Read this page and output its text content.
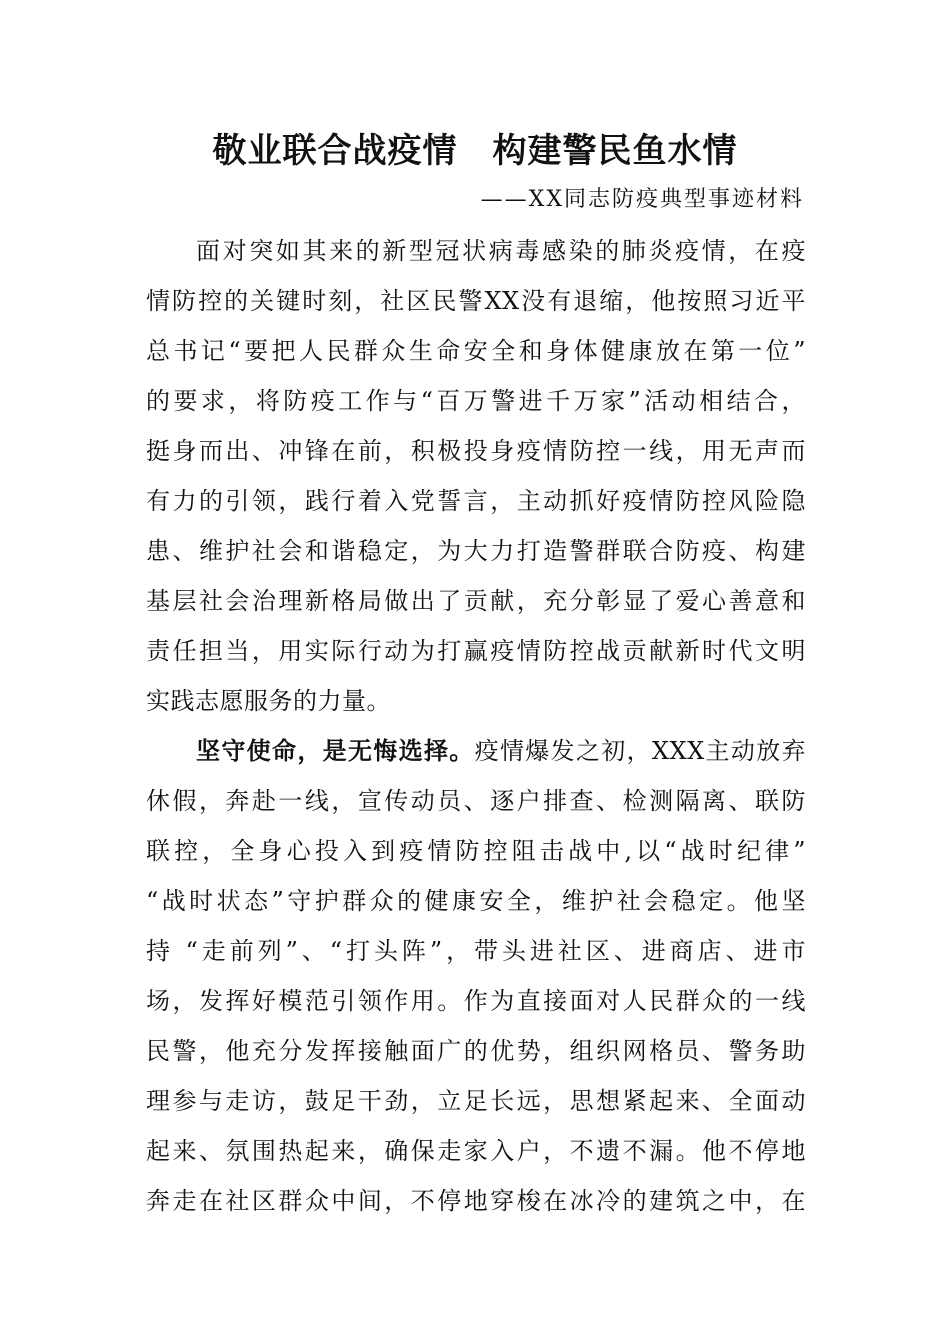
敬业联合战疫情　构建警民鱼水情
——XX同志防疫典型事迹材料
面对突如其来的新型冠状病毒感染的肺炎疫情，在疫
情防控的关键时刻，社区民警XX没有退缩，他按照习近平
总书记“要把人民群众生命安全和身体健康放在第一位”
的要求，将防疫工作与“百万警进千万家”活动相结合，
挺身而出、冲锋在前，积极投身疫情防控一线，用无声而
有力的引领，践行着入党誓言，主动抓好疫情防控风险隐
患、维护社会和谐稳定，为大力打造警群联合防疫、构建
基层社会治理新格局做出了贡献，充分彰显了爱心善意和
责任担当，用实际行动为打赢疫情防控战贡献新时代文明
实践志愿服务的力量。
坚守使命，是无悔选择。疫情爆发之初，XXX主动放弃
休假，奔赴一线，宣传动员、逐户排查、检测隔离、联防
联控，全身心投入到疫情防控阻击战中,以“战时纪律”
“战时状态”守护群众的健康安全，维护社会稳定。他坚
持 “走前列”、“打头阵”，带头进社区、进商店、进市
场，发挥好模范引领作用。作为直接面对人民群众的一线
民警，他充分发挥接触面广的优势，组织网格员、警务助
理参与走访，鼓足干劲，立足长远，思想紧起来、全面动
起来、氛围热起来，确保走家入户，不遗不漏。他不停地
奔走在社区群众中间，不停地穿梭在冰冷的建筑之中，在
